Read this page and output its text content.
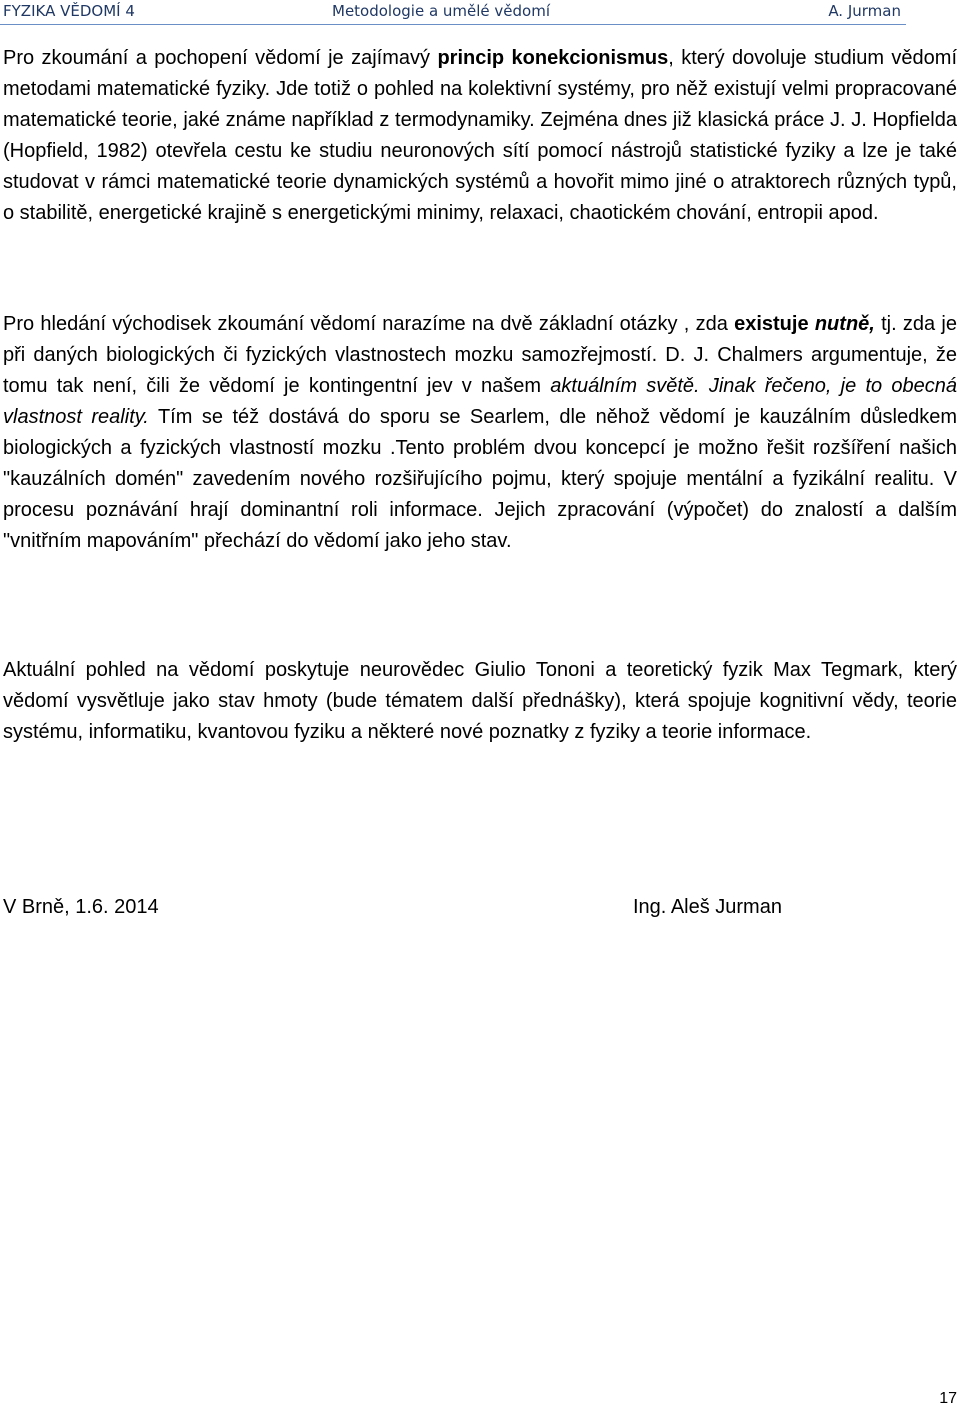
FYZIKA VĚDOMÍ 4	Metodologie a umělé vědomí	A. Jurman

Pro zkoumání a pochopení vědomí je zajímavý princip konekcionismus, který dovoluje studium vědomí metodami matematické fyziky. Jde totiž o pohled na kolektivní systémy, pro něž existují velmi propracované matematické teorie, jaké známe například z termodynamiky. Zejména dnes již klasická práce J. J. Hopfielda (Hopfield, 1982) otevřela cestu ke studiu neuronových sítí pomocí nástrojů statistické fyziky a lze je také studovat v rámci matematické teorie dynamických systémů a hovořit mimo jiné o atraktorech různých typů, o stabilitě, energetické krajině s energetickými minimy, relaxaci, chaotickém chování, entropii apod.

Pro hledání východisek zkoumání vědomí narazíme na dvě základní otázky , zda existuje nutně, tj. zda je při daných biologických či fyzických vlastnostech mozku samozřejmostí. D. J. Chalmers argumentuje, že tomu tak není, čili že vědomí je kontingentní jev v našem aktuálním světě. Jinak řečeno, je to obecná vlastnost reality. Tím se též dostává do sporu se Searlem, dle něhož vědomí je kauzálním důsledkem biologických a fyzických vlastností mozku .Tento problém dvou koncepcí je možno řešit rozšíření našich "kauzálních domén" zavedením nového rozšiřujícího pojmu, který spojuje mentální a fyzikální realitu. V procesu poznávání hrají dominantní roli informace. Jejich zpracování (výpočet) do znalostí a dalším "vnitřním mapováním" přechází do vědomí jako jeho stav.

Aktuální pohled na vědomí poskytuje neurovědec Giulio Tononi a teoretický fyzik Max Tegmark, který vědomí vysvětluje jako stav hmoty (bude tématem další přednášky), která spojuje kognitivní vědy, teorie systému, informatiku, kvantovou fyziku a některé nové poznatky z fyziky a teorie informace.

V Brně, 1.6. 2014	Ing. Aleš Jurman
17
